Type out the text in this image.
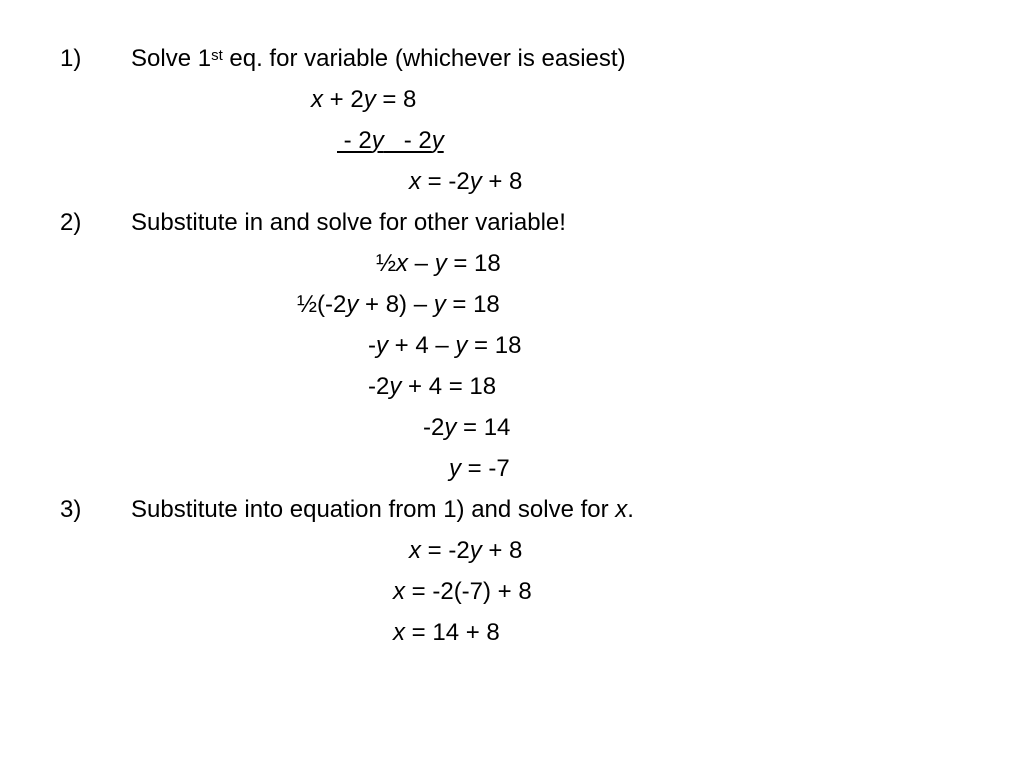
1) Solve 1st eq. for variable (whichever is easiest)
x + 2y = 8
- 2y   - 2y
x = -2y + 8
2) Substitute in and solve for other variable!
½x – y = 18
½(-2y + 8) – y = 18
-y + 4 – y = 18
-2y + 4 = 18
-2y = 14
y = -7
3) Substitute into equation from 1) and solve for x.
x = -2y + 8
x = -2(-7) + 8
x = 14 + 8
